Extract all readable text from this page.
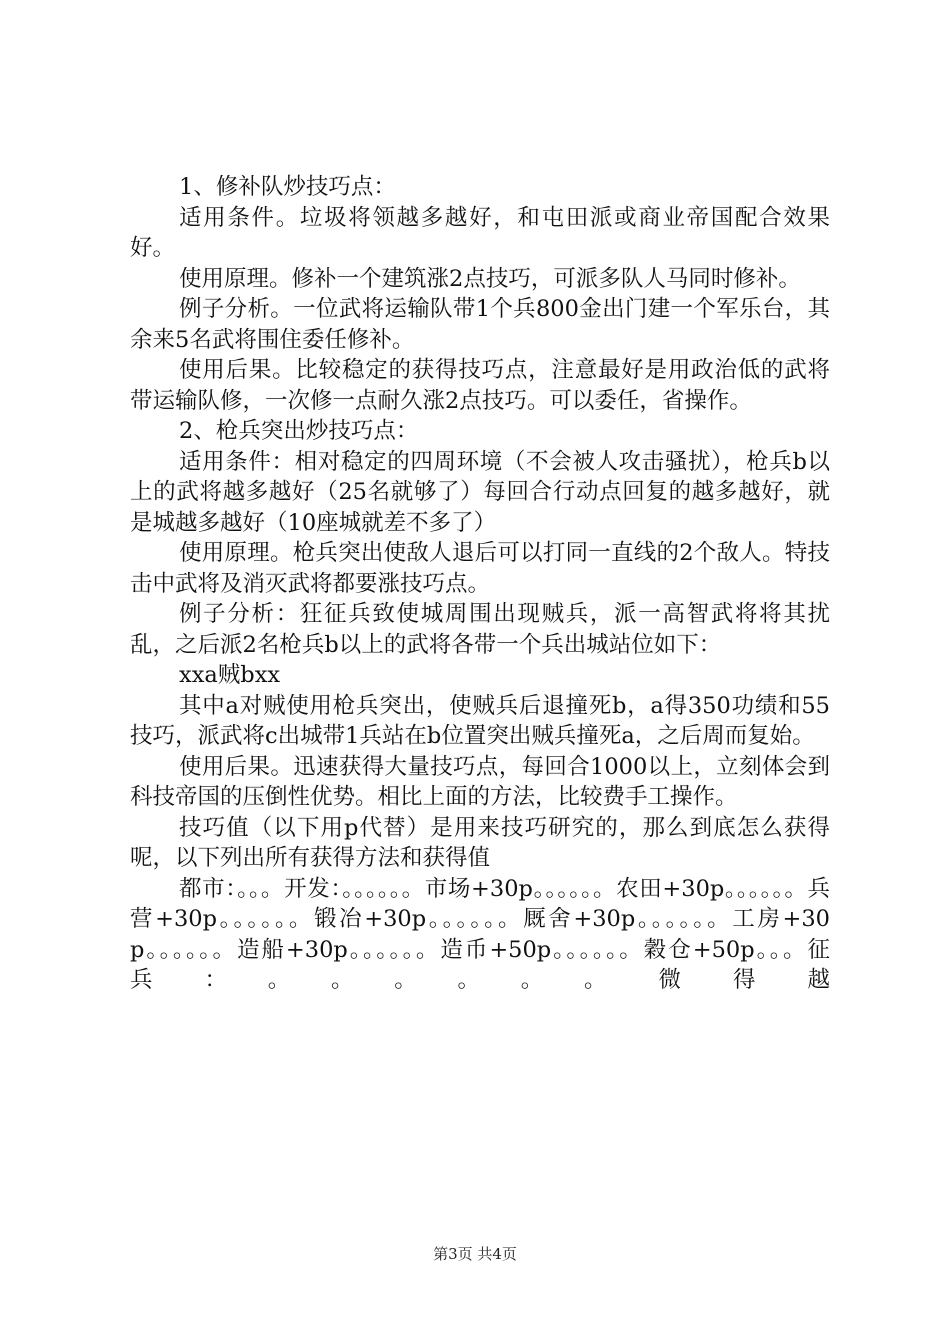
1、修补队炒技巧点：

适用条件。垃圾将领越多越好，和屯田派或商业帝国配合效果好。

使用原理。修补一个建筑涨2点技巧，可派多队人马同时修补。

例子分析。一位武将运输队带1个兵800金出门建一个军乐台，其余来5名武将围住委任修补。

使用后果。比较稳定的获得技巧点，注意最好是用政治低的武将带运输队修，一次修一点耐久涨2点技巧。可以委任，省操作。

2、枪兵突出炒技巧点：

适用条件：相对稳定的四周环境（不会被人攻击骚扰），枪兵b以上的武将越多越好（25名就够了）每回合行动点回复的越多越好，就是城越多越好（10座城就差不多了）

使用原理。枪兵突出使敌人退后可以打同一直线的2个敌人。特技击中武将及消灭武将都要涨技巧点。

例子分析：狂征兵致使城周围出现贼兵，派一高智武将将其扰乱，之后派2名枪兵b以上的武将各带一个兵出城站位如下：

xxa贼bxx

其中a对贼使用枪兵突出，使贼兵后退撞死b，a得350功绩和55技巧，派武将c出城带1兵站在b位置突出贼兵撞死a，之后周而复始。

使用后果。迅速获得大量技巧点，每回合1000以上，立刻体会到科技帝国的压倒性优势。相比上面的方法，比较费手工操作。

技巧值（以下用p代替）是用来技巧研究的，那么到底怎么获得呢，以下列出所有获得方法和获得值

都市：。。。开发：。。。。。。市场+30p。。。。。。农田+30p。。。。。。兵营+30p。。。。。。锻冶+30p。。。。。。厩舍+30p。。。。。。工房+30p。。。。。。造船+30p。。。。。。造币+50p。。。。。。穀仓+50p。。。征兵：。。。。。。微得越

第3页 共4页
